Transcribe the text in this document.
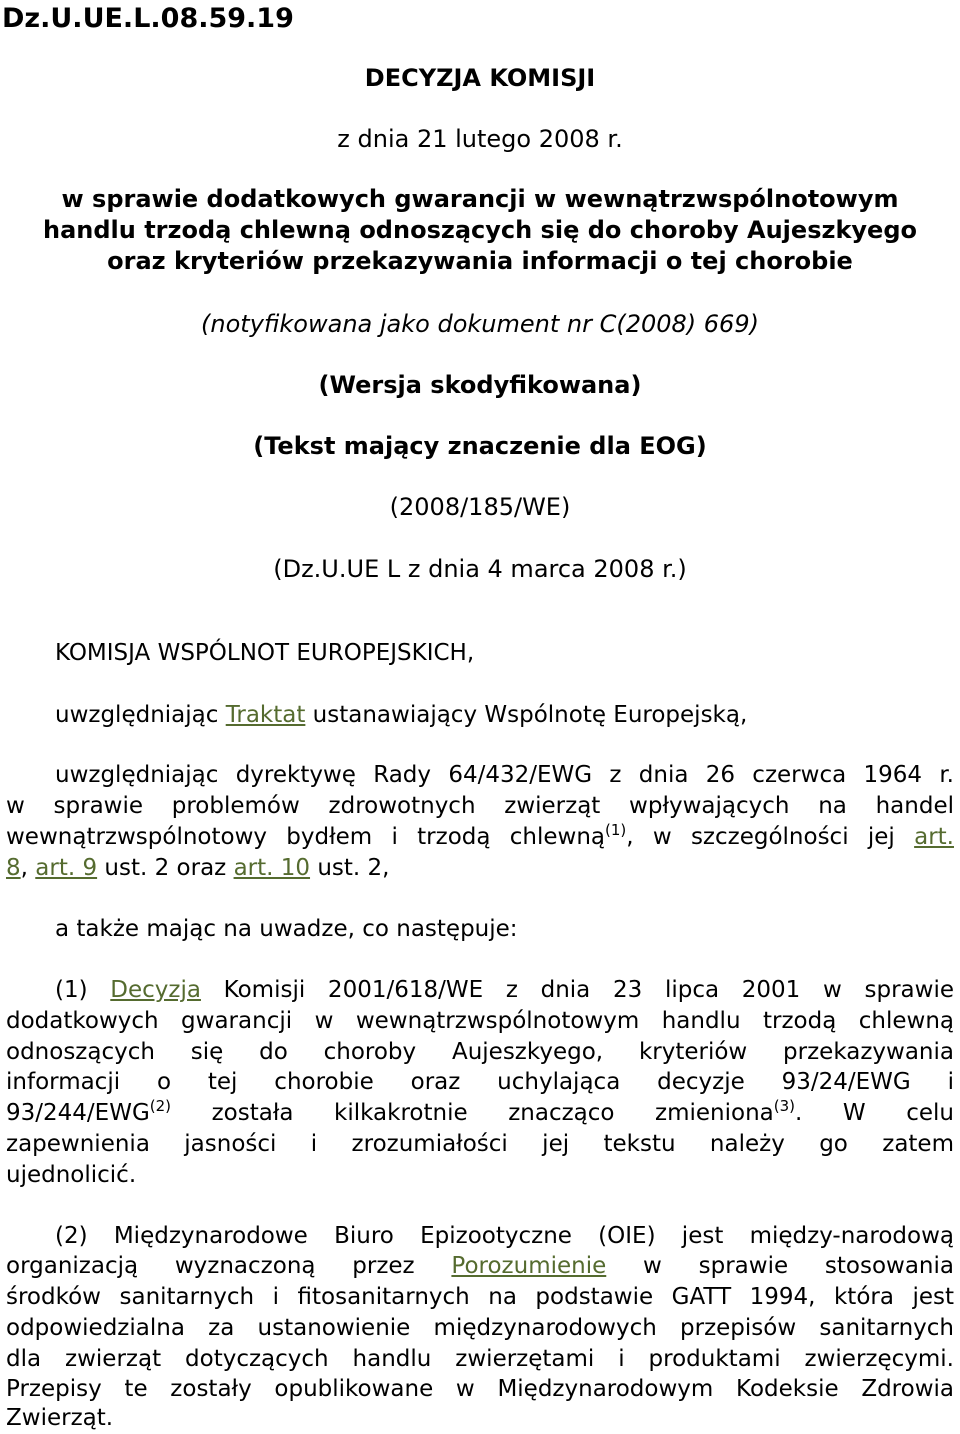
Dz.U.UE.L.08.59.19
DECYZJA KOMISJI
z dnia 21 lutego 2008 r.
w sprawie dodatkowych gwarancji w wewnątrzwspólnotowym
handlu trzodą chlewną odnoszących się do choroby Aujeszkyego
oraz kryteriów przekazywania informacji o tej chorobie
(notyfikowana jako dokument nr C(2008) 669)
(Wersja skodyfikowana)
(Tekst mający znaczenie dla EOG)
(2008/185/WE)
(Dz.U.UE L z dnia 4 marca 2008 r.)
KOMISJA WSPÓLNOT EUROPEJSKICH,
uwzględniając Traktat ustanawiający Wspólnotę Europejską,
uwzględniając dyrektywę Rady 64/432/EWG z dnia 26 czerwca 1964 r.
w sprawie problemów zdrowotnych zwierząt wpływających na handel
wewnątrzwspólnotowy bydłem i trzodą chlewną$^{(1)}$, w szczególności jej art.
8, art. 9 ust. 2 oraz art. 10 ust. 2,
a także mając na uwadze, co następuje:
(1) Decyzja Komisji 2001/618/WE z dnia 23 lipca 2001 w sprawie
dodatkowych gwarancji w wewnątrzwspólnotowym handlu trzodą chlewną
odnoszących się do choroby Aujeszkyego, kryteriów przekazywania
informacji o tej chorobie oraz uchylająca decyzje 93/24/EWG i
93/244/EWG$^{(2)}$ została kilkakrotnie znacząco zmieniona$^{(3)}$. W celu
zapewnienia jasności i zrozumiałości jej tekstu należy go zatem
ujednolicić.
(2) Międzynarodowe Biuro Epizootyczne (OIE) jest między-narodową
organizacją wyznaczoną przez Porozumienie w sprawie stosowania
środków sanitarnych i fitosanitarnych na podstawie GATT 1994, która jest
odpowiedzialna za ustanowienie międzynarodowych przepisów sanitarnych
dla zwierząt dotyczących handlu zwierzętami i produktami zwierzęcymi.
Przepisy te zostały opublikowane w Międzynarodowym Kodeksie Zdrowia
Zwierząt.
